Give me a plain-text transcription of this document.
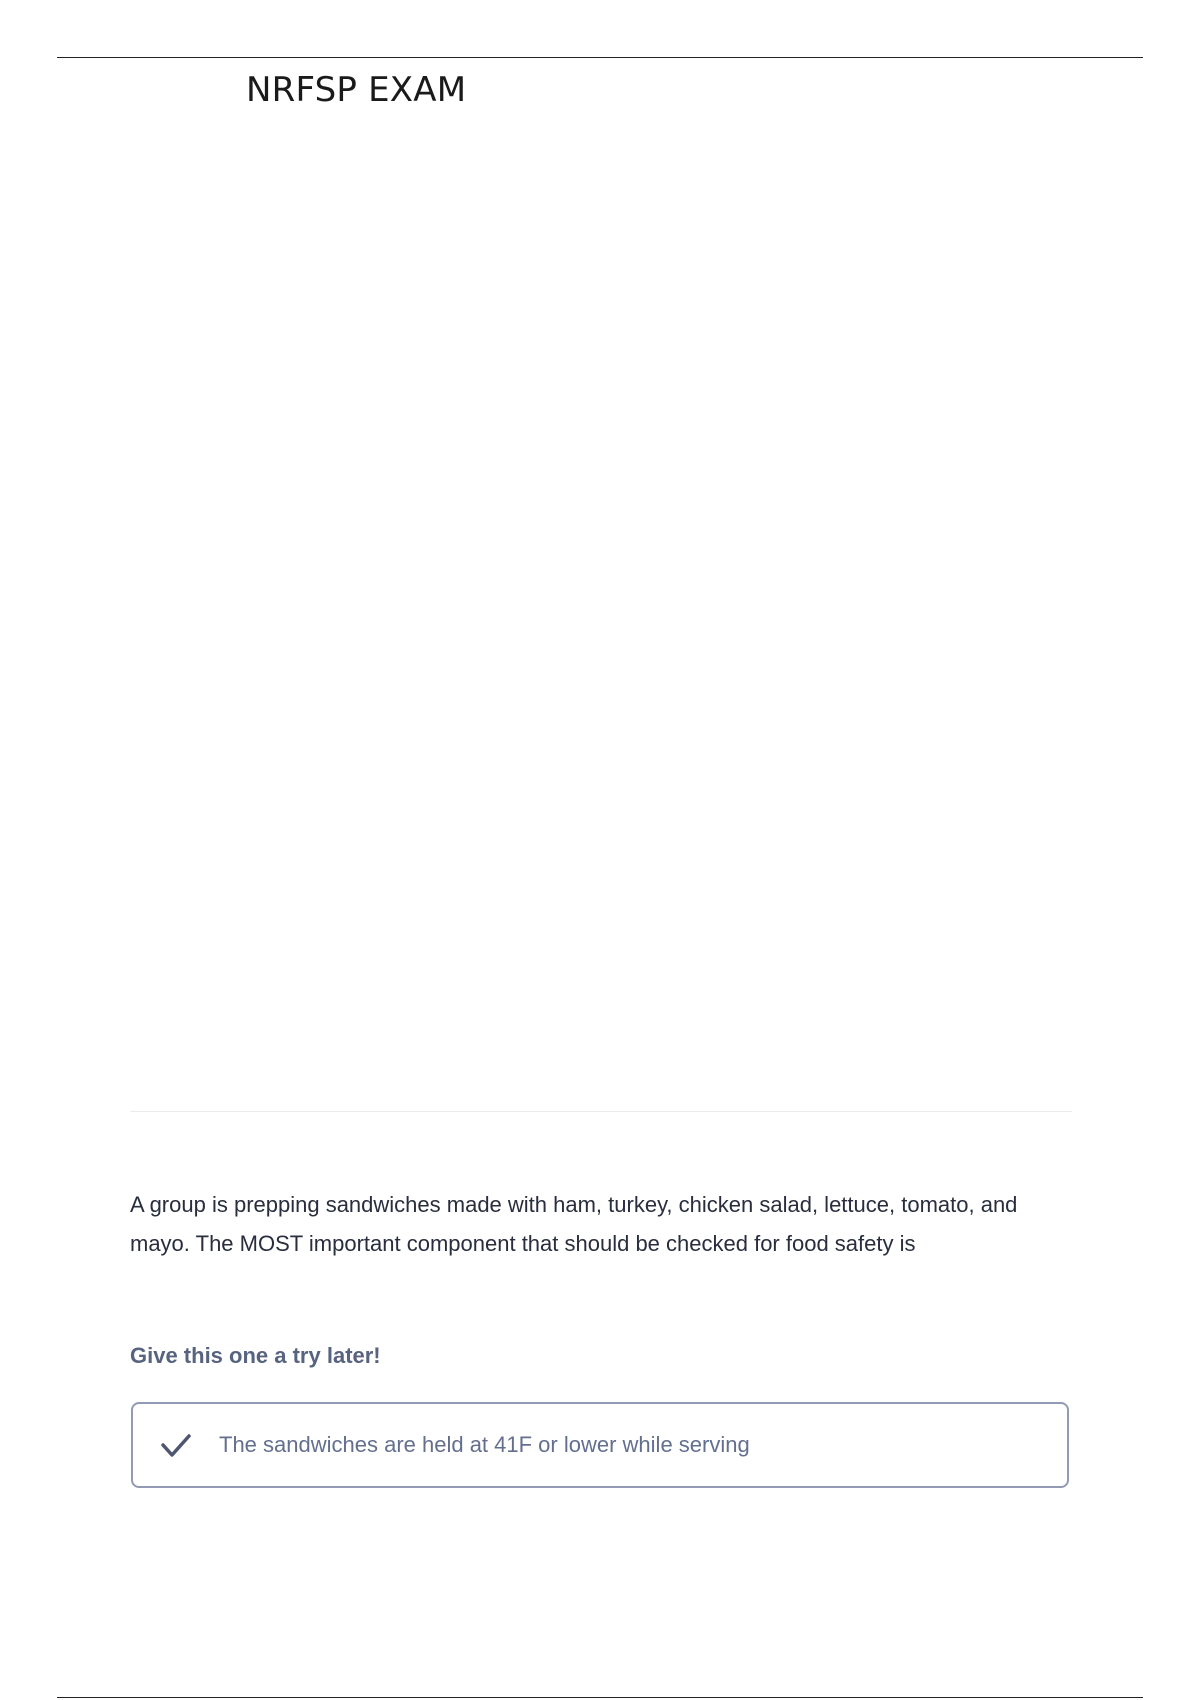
NRFSP EXAM

A group is prepping sandwiches made with ham, turkey, chicken salad, lettuce, tomato, and mayo. The MOST important component that should be checked for food safety is

Give this one a try later!

The sandwiches are held at 41F or lower while serving
